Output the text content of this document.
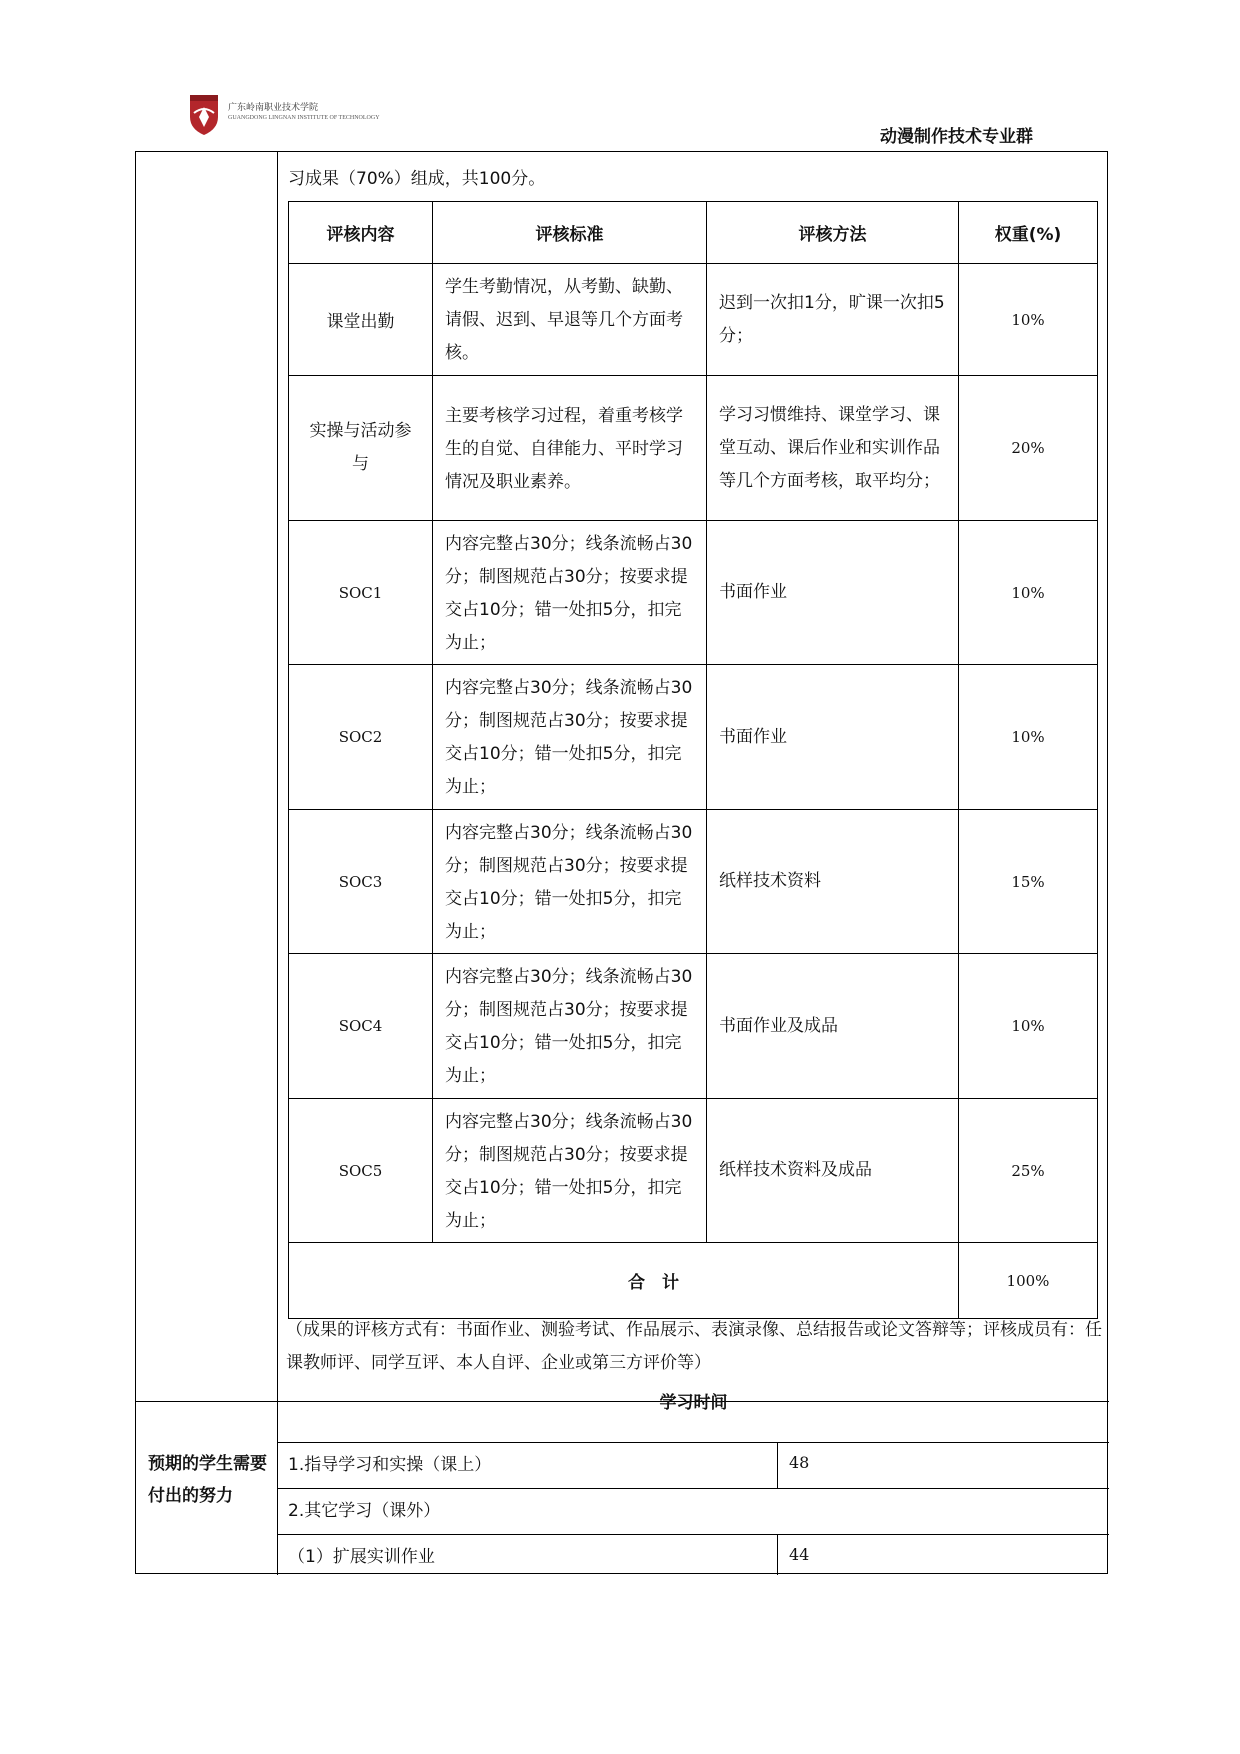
广东岭南职业技术学院
GUANGDONG LINGNAN INSTITUTE OF TECHNOLOGY
动漫制作技术专业群
习成果（70%）组成，共100分。
评核内容	评核标准	评核方法	权重(%)
课堂出勤	学生考勤情况，从考勤、缺勤、请假、迟到、早退等几个方面考核。	迟到一次扣1分，旷课一次扣5分；	10%
实操与活动参与	主要考核学习过程，着重考核学生的自觉、自律能力、平时学习情况及职业素养。	学习习惯维持、课堂学习、课堂互动、课后作业和实训作品等几个方面考核，取平均分；	20%
SOC1	内容完整占30分；线条流畅占30分；制图规范占30分；按要求提交占10分；错一处扣5分，扣完为止；	书面作业	10%
SOC2	内容完整占30分；线条流畅占30分；制图规范占30分；按要求提交占10分；错一处扣5分，扣完为止；	书面作业	10%
SOC3	内容完整占30分；线条流畅占30分；制图规范占30分；按要求提交占10分；错一处扣5分，扣完为止；	纸样技术资料	15%
SOC4	内容完整占30分；线条流畅占30分；制图规范占30分；按要求提交占10分；错一处扣5分，扣完为止；	书面作业及成品	10%
SOC5	内容完整占30分；线条流畅占30分；制图规范占30分；按要求提交占10分；错一处扣5分，扣完为止；	纸样技术资料及成品	25%
合　计			100%
（成果的评核方式有：书面作业、测验考试、作品展示、表演录像、总结报告或论文答辩等；评核成员有：任课教师评、同学互评、本人自评、企业或第三方评价等）
预期的学生需要付出的努力
学习时间
1.指导学习和实操（课上）	48
2.其它学习（课外）
（1）扩展实训作业	44
